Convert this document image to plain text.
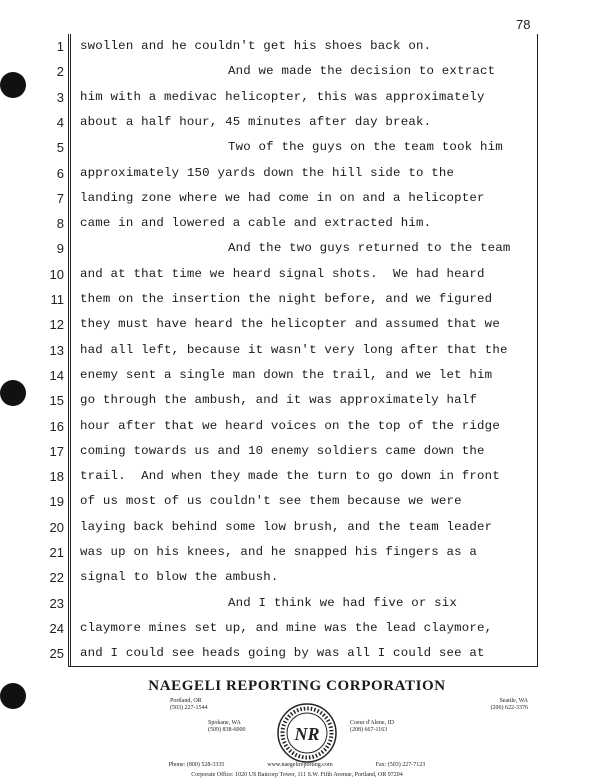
78
1 swollen and he couldn't get his shoes back on.
2	And we made the decision to extract
3 him with a medivac helicopter, this was approximately
4 about a half hour, 45 minutes after day break.
5	Two of the guys on the team took him
6 approximately 150 yards down the hill side to the
7 landing zone where we had come in on and a helicopter
8 came in and lowered a cable and extracted him.
9	And the two guys returned to the team
10 and at that time we heard signal shots.  We had heard
11 them on the insertion the night before, and we figured
12 they must have heard the helicopter and assumed that we
13 had all left, because it wasn't very long after that the
14 enemy sent a single man down the trail, and we let him
15 go through the ambush, and it was approximately half
16 hour after that we heard voices on the top of the ridge
17 coming towards us and 10 enemy soldiers came down the
18 trail.  And when they made the turn to go down in front
19 of us most of us couldn't see them because we were
20 laying back behind some low brush, and the team leader
21 was up on his knees, and he snapped his fingers as a
22 signal to blow the ambush.
23	And I think we had five or six
24 claymore mines set up, and mine was the lead claymore,
25 and I could see heads going by was all I could see at
NAEGELI REPORTING CORPORATION
Portland, OR
(503) 227-1544
Seattle, WA
(206) 622-3376
Spokane, WA
(509) 838-6000
Coeur d'Alene, ID
(208) 667-1163
NR
Phone: (800) 528-3335	www.naegelireporting.com	Fax: (503) 227-7123
Corporate Office: 1020 US Bancorp Tower, 111 S.W. Fifth Avenue, Portland, OR 97204
